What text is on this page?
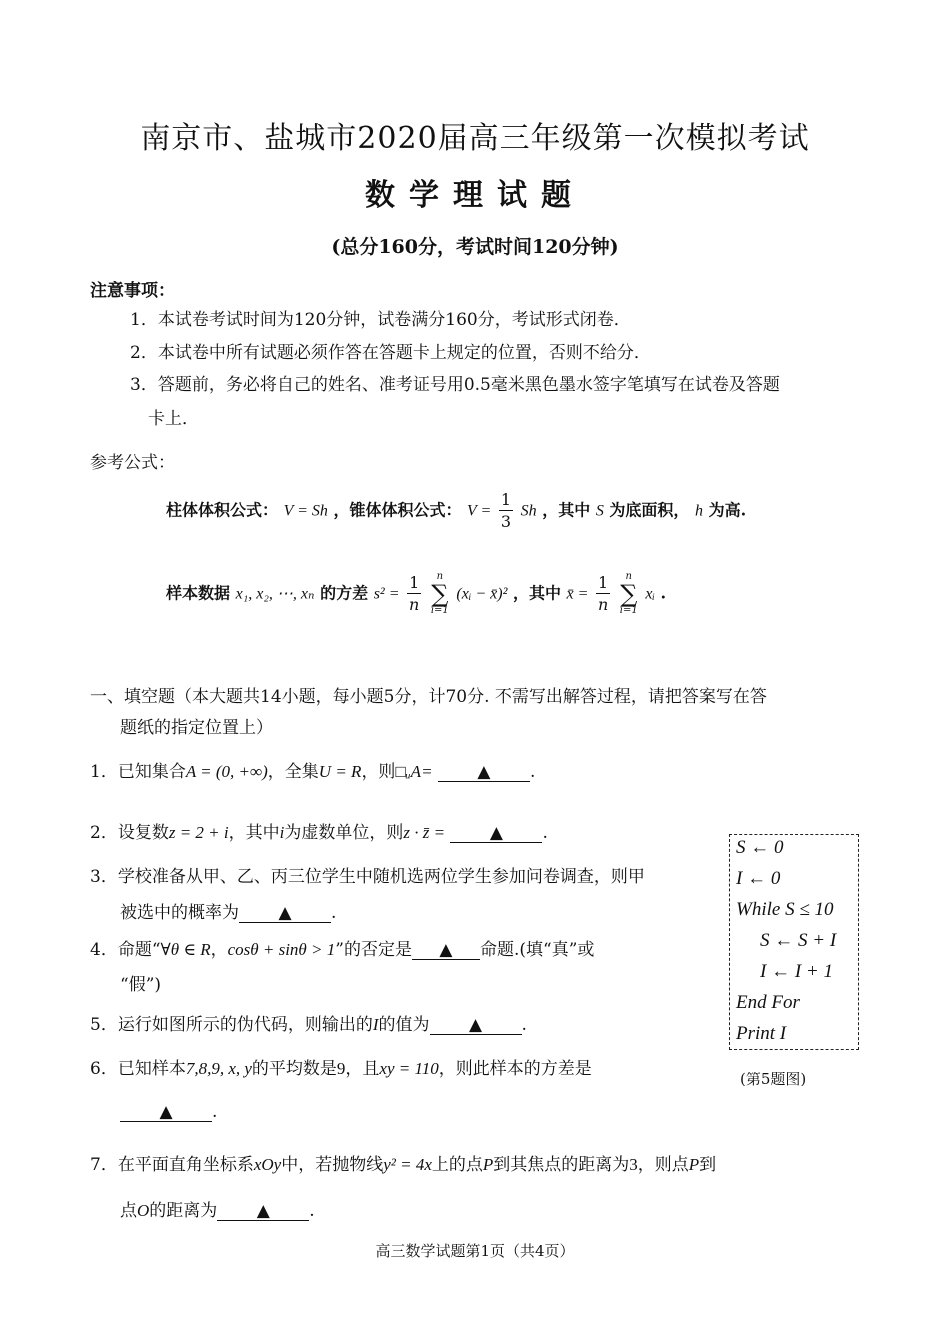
南京市、盐城市2020届高三年级第一次模拟考试
数学理试题
(总分160分，考试时间120分钟)
注意事项：
1．本试卷考试时间为120分钟，试卷满分160分，考试形式闭卷．
2．本试卷中所有试题必须作答在答题卡上规定的位置，否则不给分．
3．答题前，务必将自己的姓名、准考证号用0.5毫米黑色墨水签字笔填写在试卷及答题
卡上．
参考公式：
柱体体积公式： V = Sh ，锥体体积公式： $V = \frac{1}{3}$ Sh ，其中 S 为底面积， h 为高.
样本数据 x₁, x₂, ⋯, xₙ 的方差 $s^2 = \frac{1}{n}$
	n
∑
i=1
(xᵢ − x̄)² ，其中 x̄ = $\frac{1}{n}$
	n
∑
i=1
xᵢ .
一、填空题（本大题共14小题，每小题5分，计70分. 不需写出解答过程，请把答案写在答
题纸的指定位置上）
1．已知集合A = (0, +∞)，全集U = R，则□ᵤA=	▲ .
2．设复数z = 2 + i，其中i为虚数单位，则z · z̄ =	▲ .
3．学校准备从甲、乙、丙三位学生中随机选两位学生参加问卷调查，则甲
被选中的概率为 ▲ .
4．命题“∀θ ∈ R，cosθ + sinθ > 1”的否定是 ▲ 命题.(填“真”或
“假”)
5．运行如图所示的伪代码，则输出的I的值为 ▲ .
6．已知样本7,8,9, x, y的平均数是9，且xy = 110，则此样本的方差是
▲ .
7．在平面直角坐标系xOy中，若抛物线y² = 4x上的点P到其焦点的距离为3，则点P到
点O的距离为 ▲ .
S ← 0
I ← 0
While S ≤ 10
S ← S + I
I ← I + 1
End For
Print I
(第5题图)
高三数学试题第1页（共4页）
